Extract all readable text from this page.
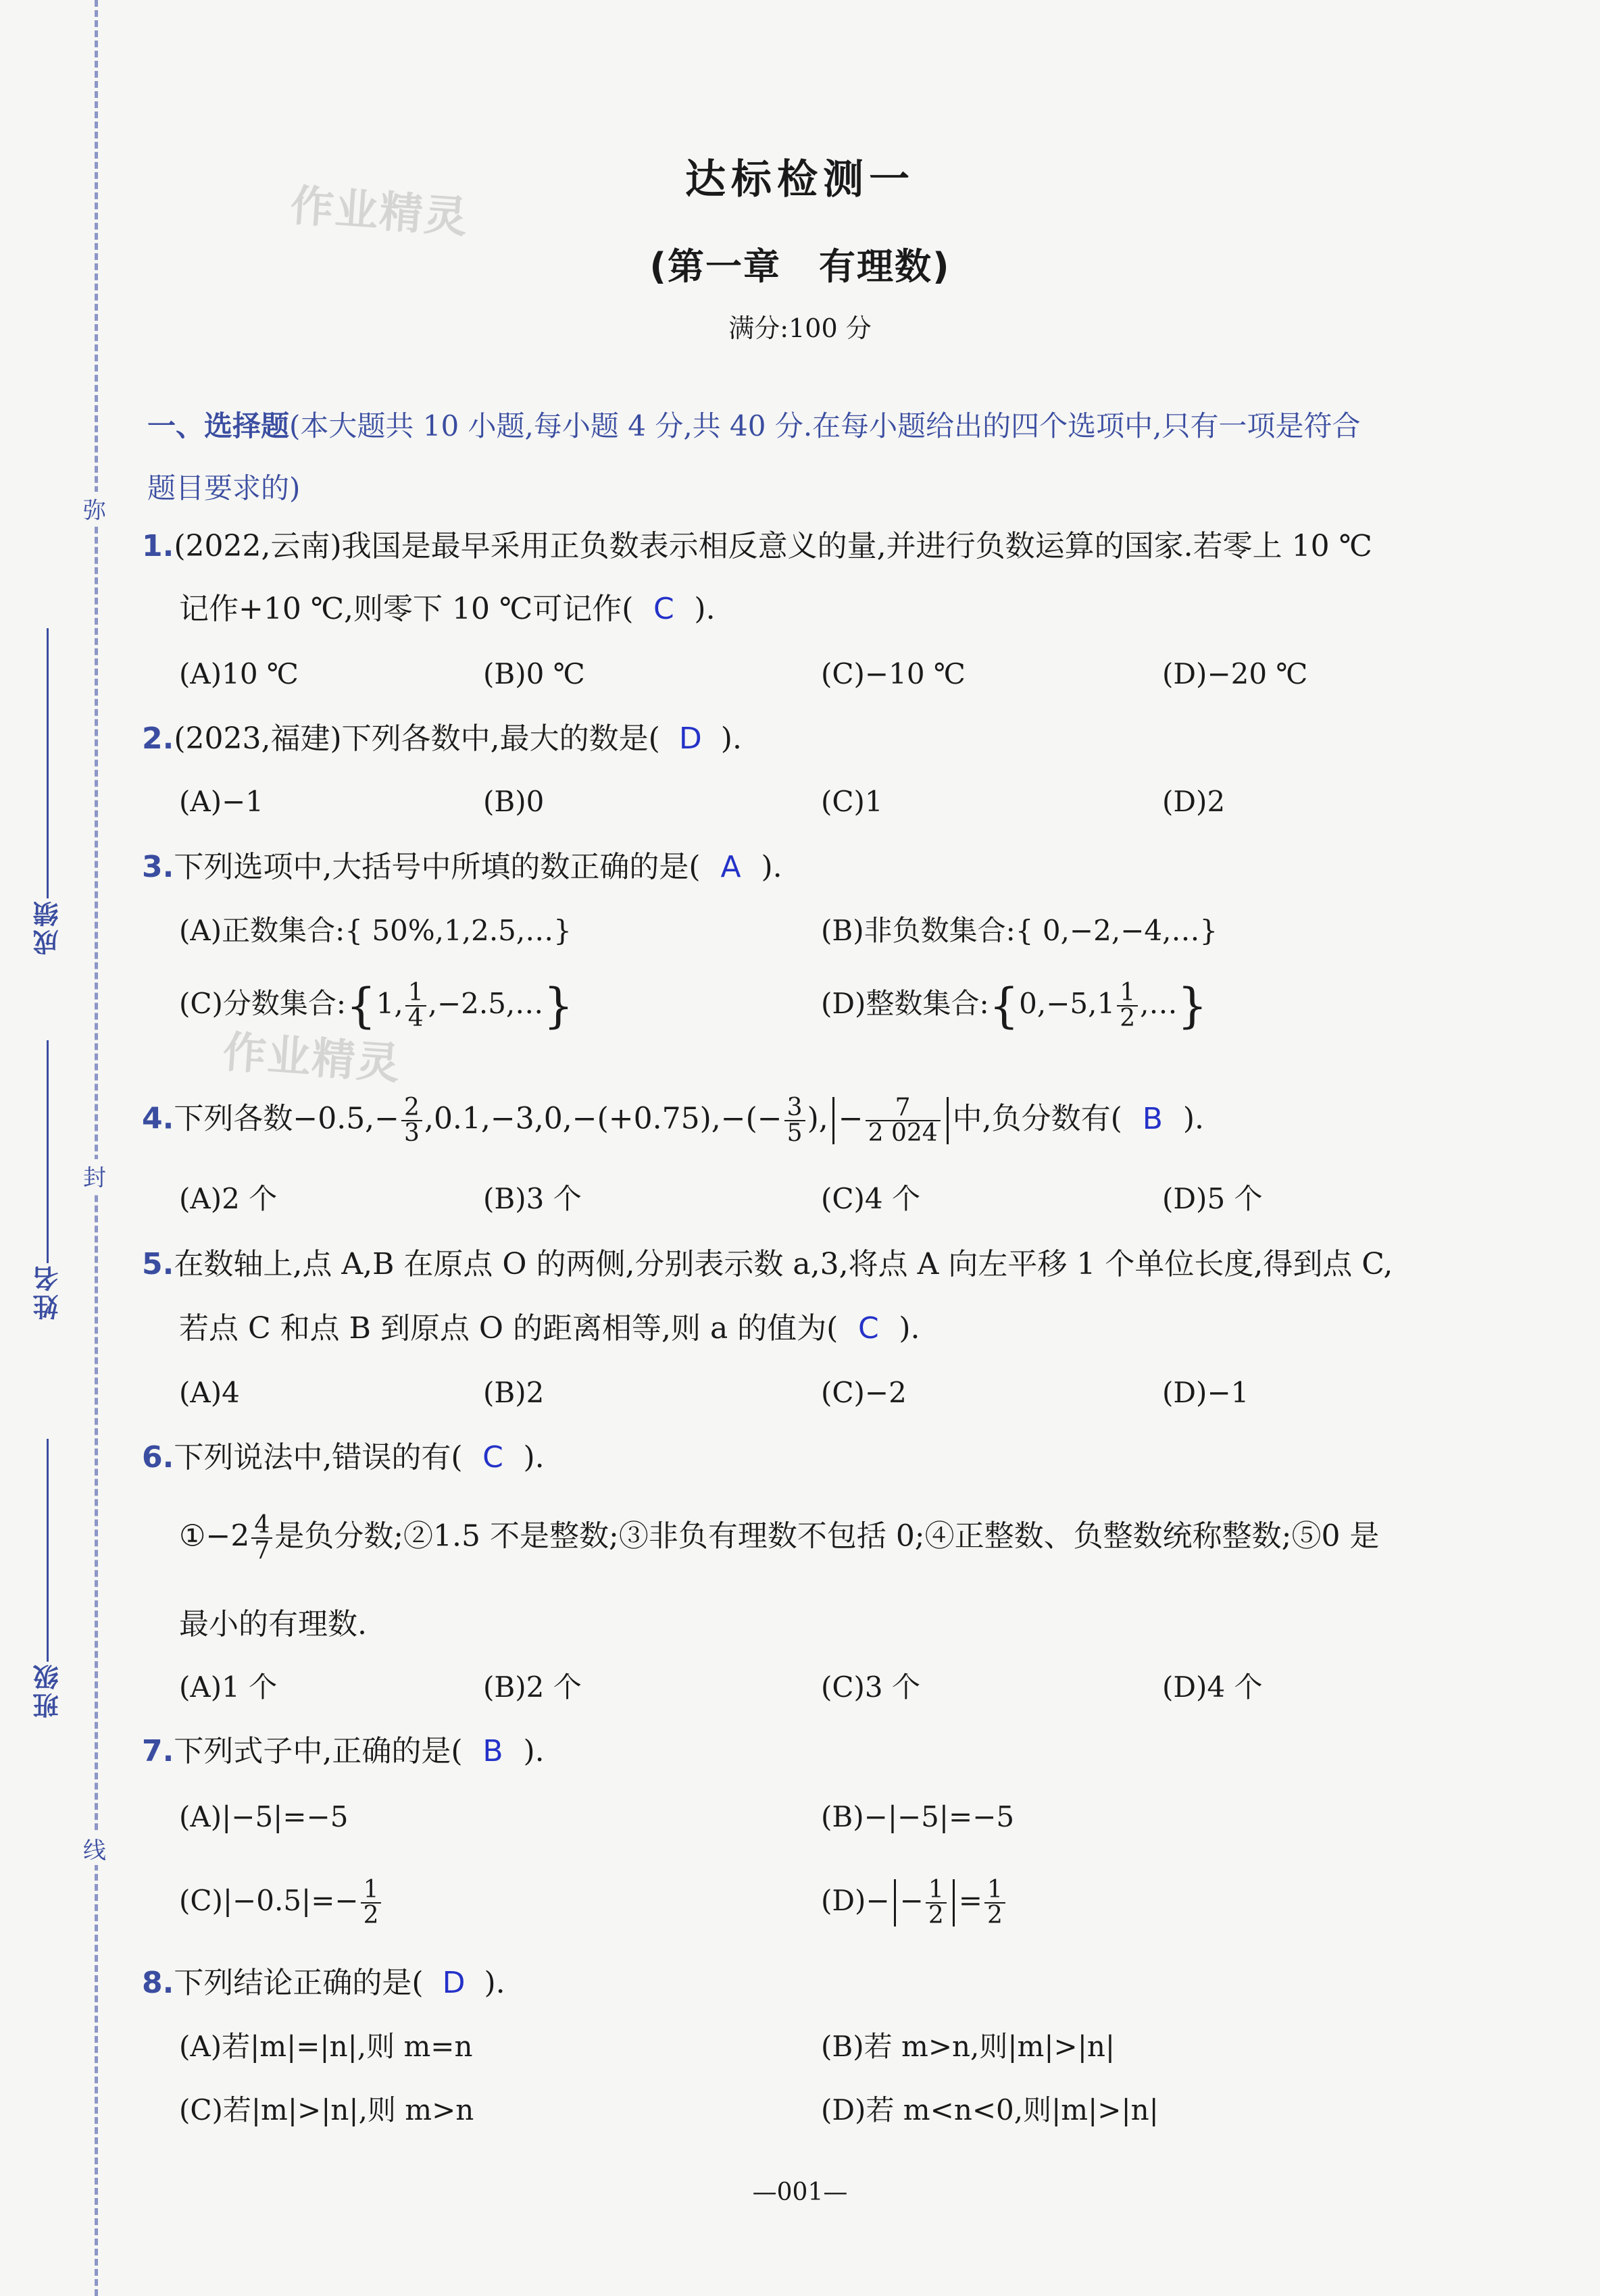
弥
封
线
成绩
姓名
班级
作业精灵
作业精灵
达标检测一
(第一章　有理数)
满分:100 分
一、选择题(本大题共 10 小题,每小题 4 分,共 40 分.在每小题给出的四个选项中,只有一项是符合
题目要求的)
1.(2022,云南)我国是最早采用正负数表示相反意义的量,并进行负数运算的国家.若零上 10 ℃
记作+10 ℃,则零下 10 ℃可记作( C ).
(A)10 ℃	(B)0 ℃	(C)−10 ℃	(D)−20 ℃
2.(2023,福建)下列各数中,最大的数是( D ).
(A)−1	(B)0	(C)1	(D)2
3.下列选项中,大括号中所填的数正确的是( A ).
(A)正数集合:{ 50%,1,2.5,…}	(B)非负数集合:{ 0,−2,−4,…}
(C)分数集合:{1, $\frac{1}{4}$ ,−2.5,…}	(D)整数集合:{0,−5,1 $\frac{1}{2}$ ,…}
4.下列各数$-0.5,- \frac{2}{3} ,0.1,-3,0,-(+0.75),-(- \frac{3}{5}$ ), − $\frac{7}{2 024}$ 中,负分数有( B ).
(A)2 个	(B)3 个	(C)4 个	(D)5 个
5.在数轴上,点 A,B 在原点 O 的两侧,分别表示数 a,3,将点 A 向左平移 1 个单位长度,得到点 C,
若点 C 和点 B 到原点 O 的距离相等,则 a 的值为( C ).
(A)4	(B)2	(C)−2	(D)−1
6.下列说法中,错误的有( C ).
①−2 $\frac{4}{7}$ 是负分数;②1.5 不是整数;③非负有理数不包括 0;④正整数、负整数统称整数;⑤0 是
最小的有理数.
(A)1 个	(B)2 个	(C)3 个	(D)4 个
7.下列式子中,正确的是( B ).
(A)|−5|=−5	(B)−|−5|=−5
$(C)|-0.5|=- \frac{1}{2}$	$(D)- - \frac{1}{2} = \frac{1}{2}$
8.下列结论正确的是( D ).
(A)若|m|=|n|,则 m=n	(B)若 m>n,则|m|>|n|
(C)若|m|>|n|,则 m>n	(D)若 m<n<0,则|m|>|n|
—001—
